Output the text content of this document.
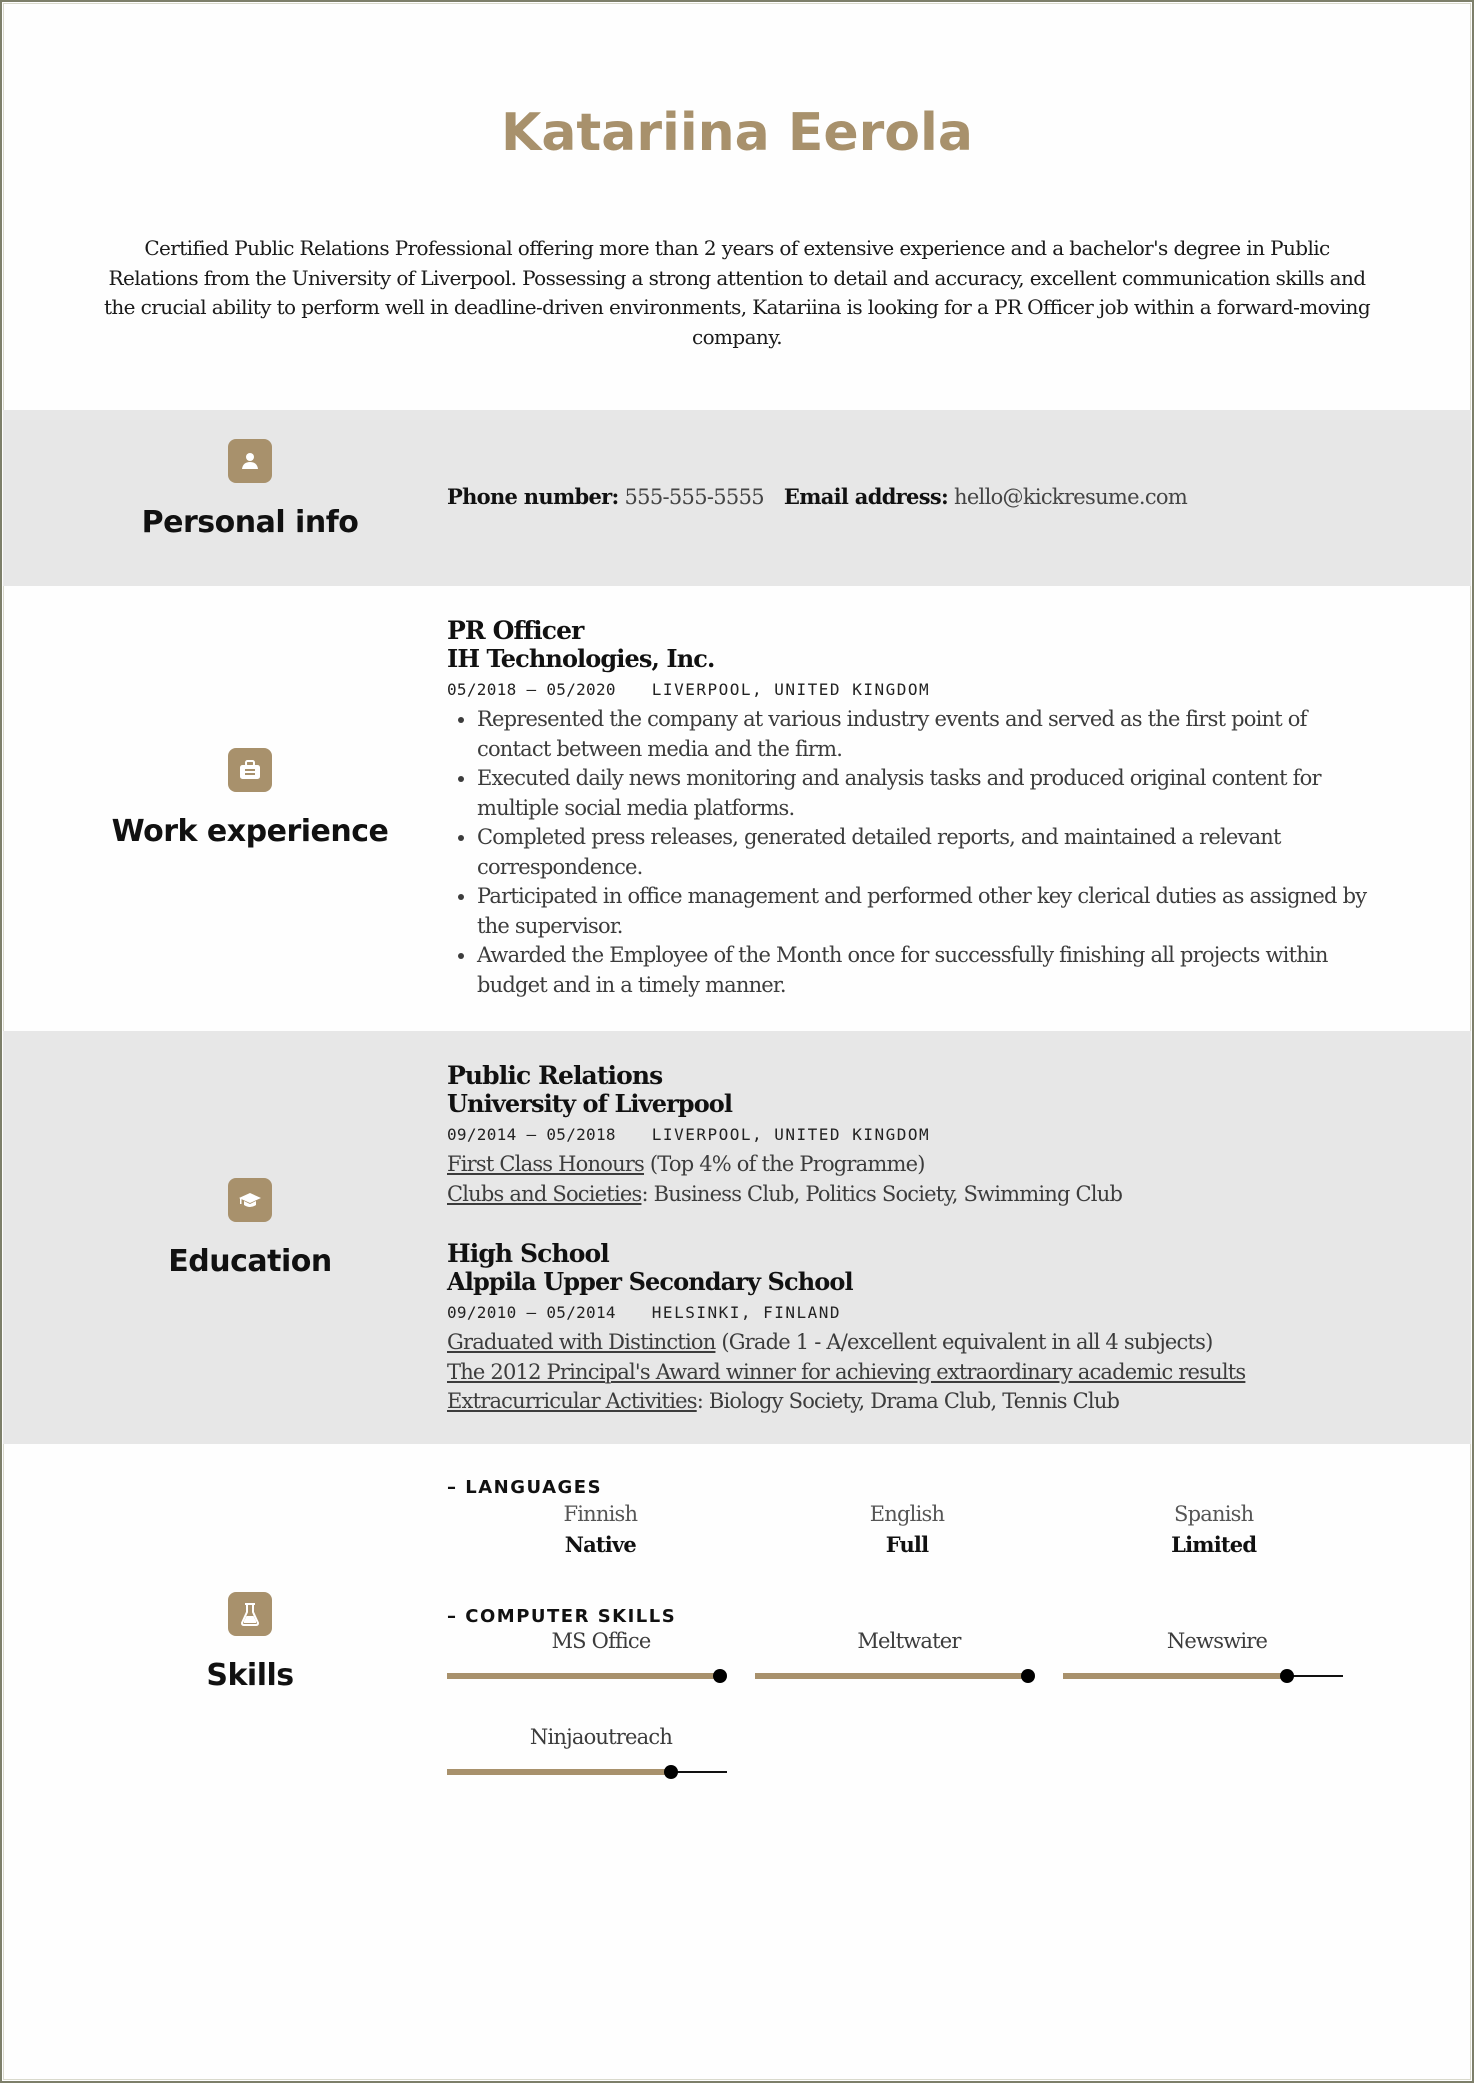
Katariina Eerola
Certified Public Relations Professional offering more than 2 years of extensive experience and a bachelor's degree in Public Relations from the University of Liverpool. Possessing a strong attention to detail and accuracy, excellent communication skills and the crucial ability to perform well in deadline-driven environments, Katariina is looking for a PR Officer job within a forward-moving company.
Personal info
Phone number: 555-555-5555 Email address: hello@kickresume.com
Work experience
PR Officer
IH Technologies, Inc.
05/2018 — 05/2020 LIVERPOOL, UNITED KINGDOM
• Represented the company at various industry events and served as the first point of contact between media and the firm.
• Executed daily news monitoring and analysis tasks and produced original content for multiple social media platforms.
• Completed press releases, generated detailed reports, and maintained a relevant correspondence.
• Participated in office management and performed other key clerical duties as assigned by the supervisor.
• Awarded the Employee of the Month once for successfully finishing all projects within budget and in a timely manner.
Education
Public Relations
University of Liverpool
09/2014 — 05/2018 LIVERPOOL, UNITED KINGDOM
First Class Honours (Top 4% of the Programme)
Clubs and Societies: Business Club, Politics Society, Swimming Club
High School
Alppila Upper Secondary School
09/2010 — 05/2014 HELSINKI, FINLAND
Graduated with Distinction (Grade 1 - A/excellent equivalent in all 4 subjects)
The 2012 Principal's Award winner for achieving extraordinary academic results
Extracurricular Activities: Biology Society, Drama Club, Tennis Club
Skills
– LANGUAGES
Finnish
Native
English
Full
Spanish
Limited
– COMPUTER SKILLS
MS Office	Meltwater	Newswire
Ninjaoutreach
